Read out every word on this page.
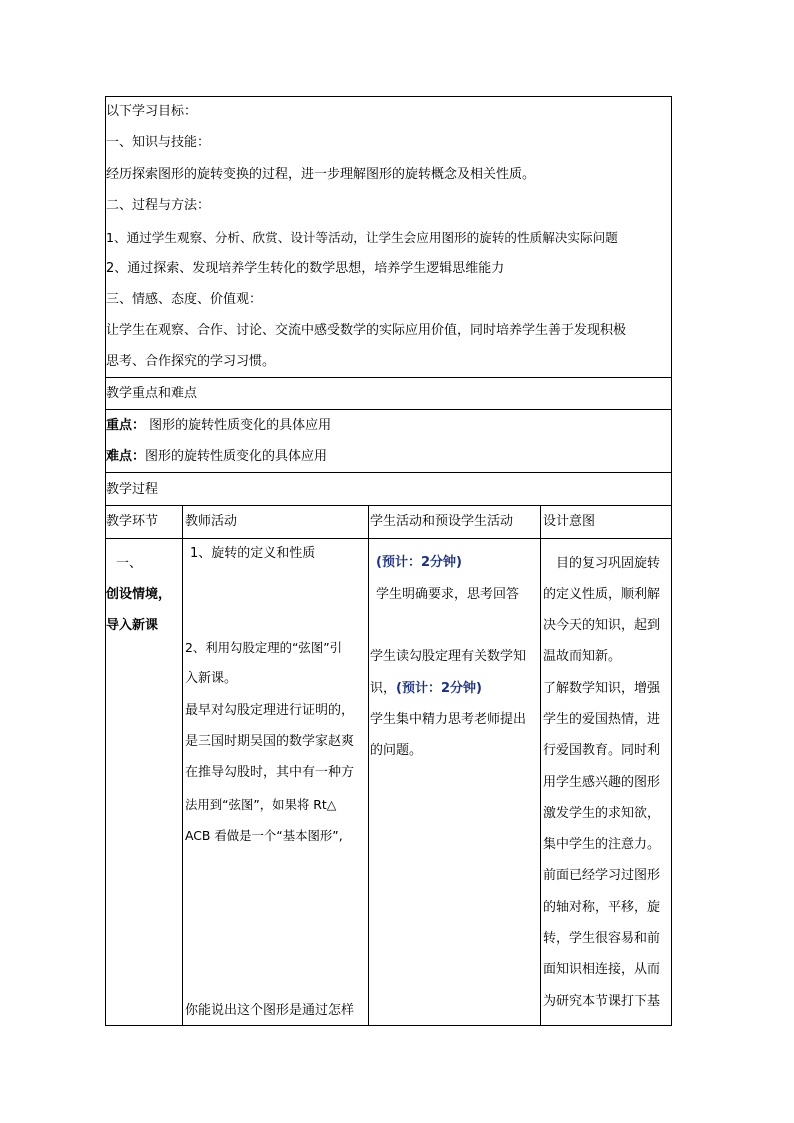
以下学习目标：
一、知识与技能：
经历探索图形的旋转变换的过程，进一步理解图形的旋转概念及相关性质。
二、过程与方法：
1、通过学生观察、分析、欣赏、设计等活动，让学生会应用图形的旋转的性质解决实际问题
2、通过探索、发现培养学生转化的数学思想，培养学生逻辑思维能力
三、情感、态度、价值观：
让学生在观察、合作、讨论、交流中感受数学的实际应用价值，同时培养学生善于发现积极
思考、合作探究的学习习惯。
教学重点和难点
重点： 图形的旋转性质变化的具体应用
难点：图形的旋转性质变化的具体应用
教学过程
教学环节 教师活动	学生活动和预设学生活动 设计意图
一、
创设情境，
导入新课
1、旋转的定义和性质
2、利用勾股定理的“弦图”引
入新课。
最早对勾股定理进行证明的，
是三国时期吴国的数学家赵爽
在推导勾股时，其中有一种方
法用到“弦图”，如果将 Rt△
ACB 看做是一个“基本图形”,
你能说出这个图形是通过怎样
(预计：2分钟)
学生明确要求，思考回答
学生读勾股定理有关数学知
识，(预计：2分钟)
学生集中精力思考老师提出
的问题。
目的复习巩固旋转
的定义性质，顺利解
决今天的知识，起到
温故而知新。
了解数学知识，增强
学生的爱国热情，进
行爱国教育。同时利
用学生感兴趣的图形
激发学生的求知欲，
集中学生的注意力。
前面已经学习过图形
的轴对称，平移，旋
转，学生很容易和前
面知识相连接，从而
为研究本节课打下基
